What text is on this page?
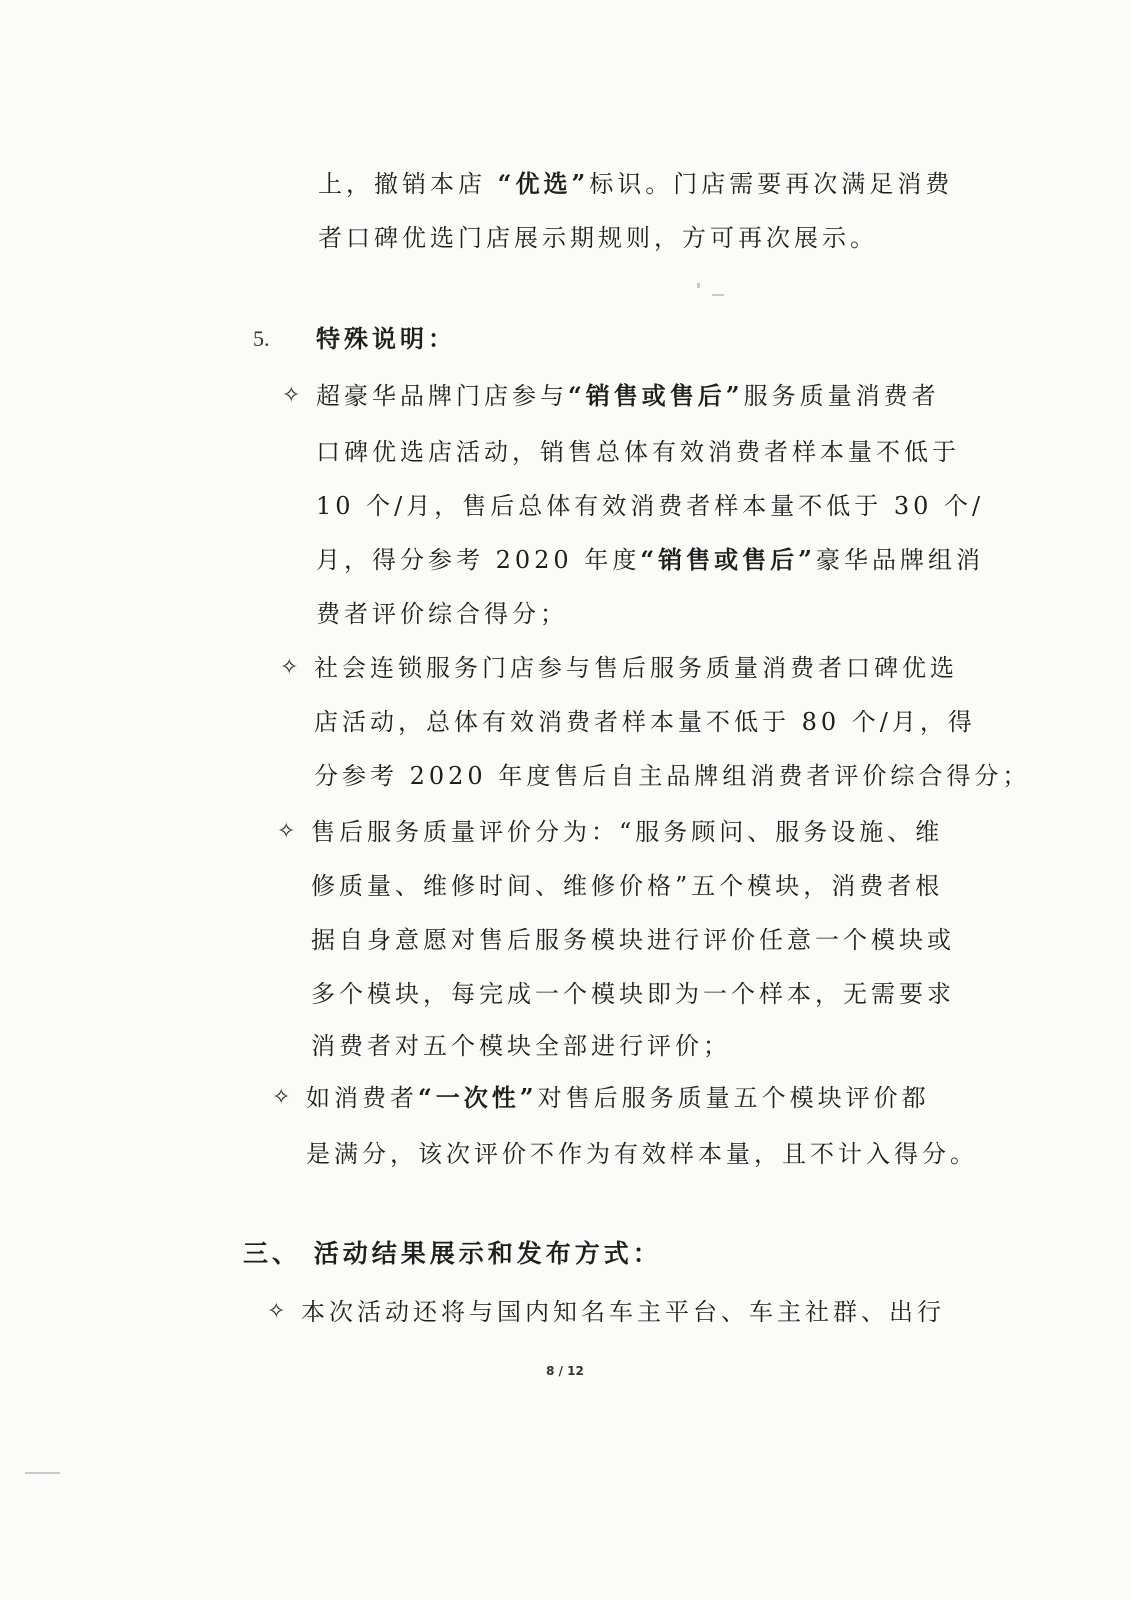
上，撤销本店 “优选”标识。门店需要再次满足消费
者口碑优选门店展示期规则，方可再次展示。
5. 特殊说明：
✧ 超豪华品牌门店参与“销售或售后”服务质量消费者
口碑优选店活动，销售总体有效消费者样本量不低于
10 个/月，售后总体有效消费者样本量不低于 30 个/
月，得分参考 2020 年度“销售或售后”豪华品牌组消
费者评价综合得分；
✧ 社会连锁服务门店参与售后服务质量消费者口碑优选
店活动，总体有效消费者样本量不低于 80 个/月，得
分参考 2020 年度售后自主品牌组消费者评价综合得分；
✧ 售后服务质量评价分为：“服务顾问、服务设施、维
修质量、维修时间、维修价格”五个模块，消费者根
据自身意愿对售后服务模块进行评价任意一个模块或
多个模块，每完成一个模块即为一个样本，无需要求
消费者对五个模块全部进行评价；
✧ 如消费者“一次性”对售后服务质量五个模块评价都
是满分，该次评价不作为有效样本量，且不计入得分。
三、 活动结果展示和发布方式：
✧ 本次活动还将与国内知名车主平台、车主社群、出行
8 / 12
